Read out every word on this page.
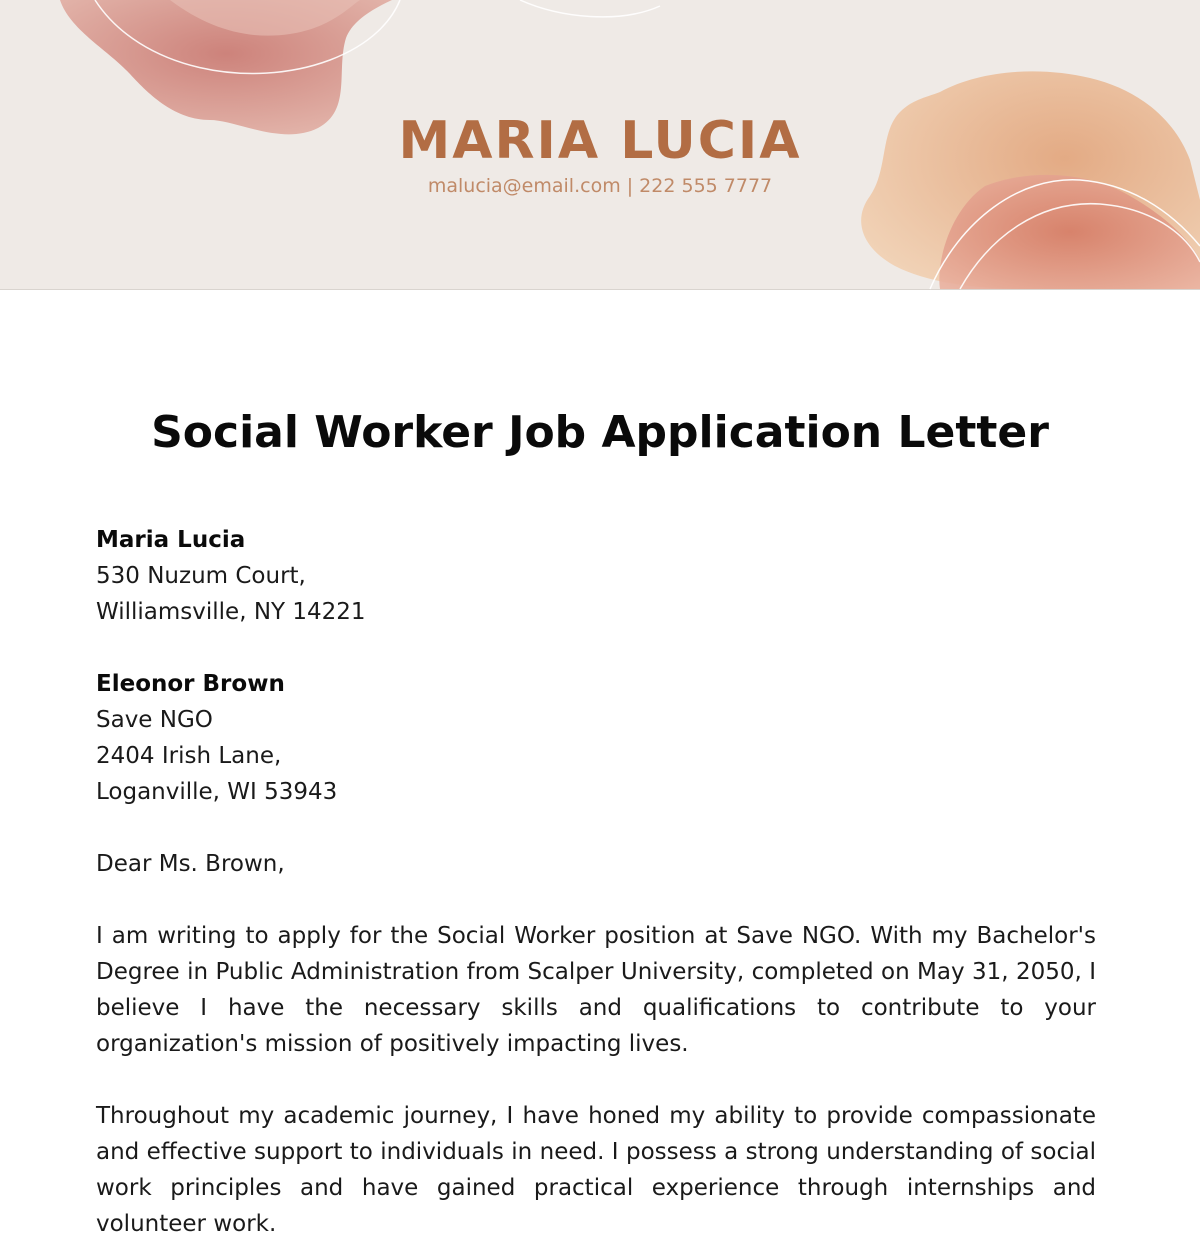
MARIA LUCIA
malucia@email.com | 222 555 7777
Social Worker Job Application Letter
Maria Lucia
530 Nuzum Court,
Williamsville, NY 14221
Eleonor Brown
Save NGO
2404 Irish Lane,
Loganville, WI 53943
Dear Ms. Brown,
I am writing to apply for the Social Worker position at Save NGO. With my Bachelor's Degree in Public Administration from Scalper University, completed on May 31, 2050, I believe I have the necessary skills and qualifications to contribute to your organization's mission of positively impacting lives.
Throughout my academic journey, I have honed my ability to provide compassionate and effective support to individuals in need. I possess a strong understanding of social work principles and have gained practical experience through internships and volunteer work.
